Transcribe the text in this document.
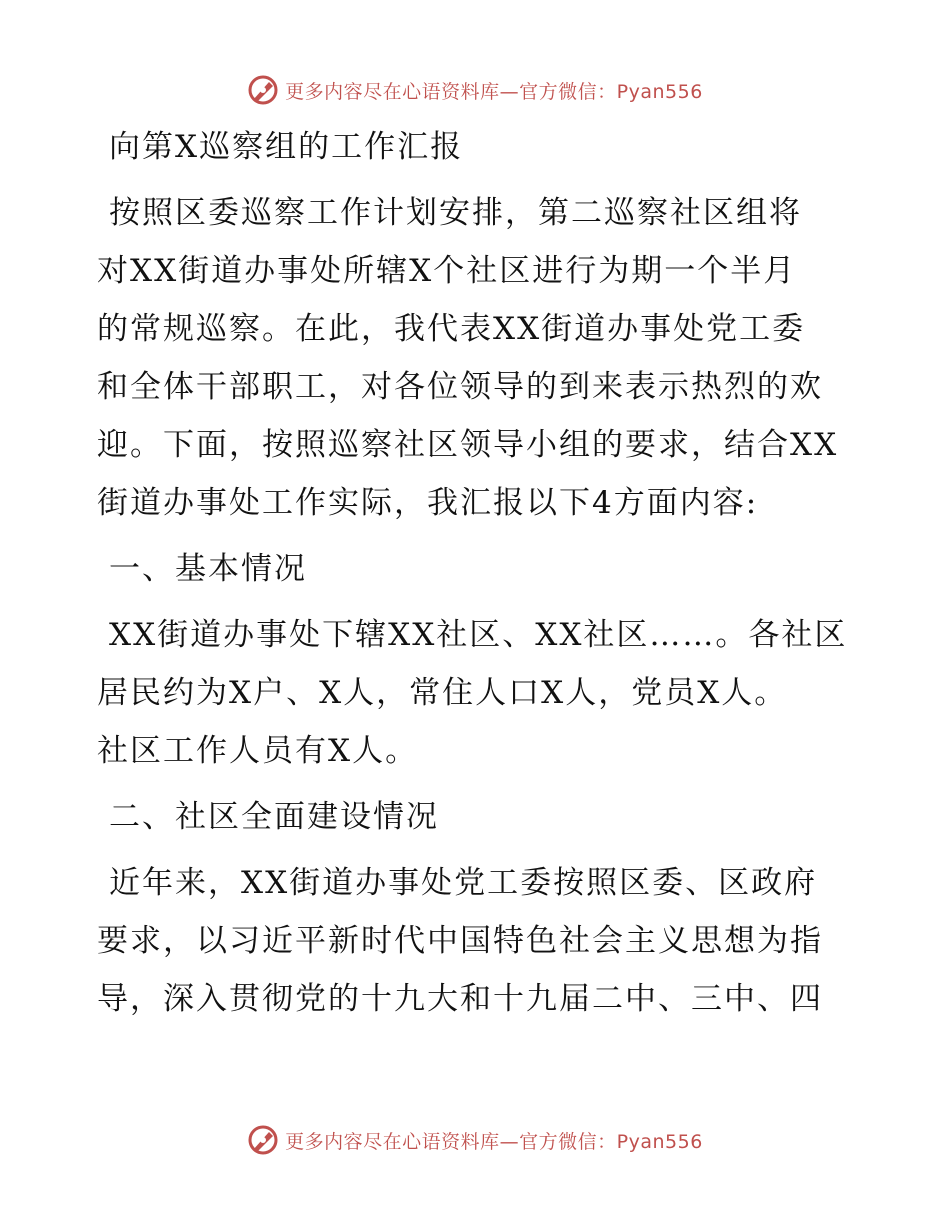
更多内容尽在心语资料库—官方微信：Pyan556
向第X巡察组的工作汇报
按照区委巡察工作计划安排，第二巡察社区组将
对XX街道办事处所辖X个社区进行为期一个半月
的常规巡察。在此，我代表XX街道办事处党工委
和全体干部职工，对各位领导的到来表示热烈的欢
迎。下面，按照巡察社区领导小组的要求，结合XX
街道办事处工作实际，我汇报以下4方面内容:
一、基本情况
XX街道办事处下辖XX社区、XX社区……。各社区
居民约为X户、X人，常住人口X人，党员X人。
社区工作人员有X人。
二、社区全面建设情况
近年来，XX街道办事处党工委按照区委、区政府
要求，以习近平新时代中国特色社会主义思想为指
导，深入贯彻党的十九大和十九届二中、三中、四
更多内容尽在心语资料库—官方微信：Pyan556
